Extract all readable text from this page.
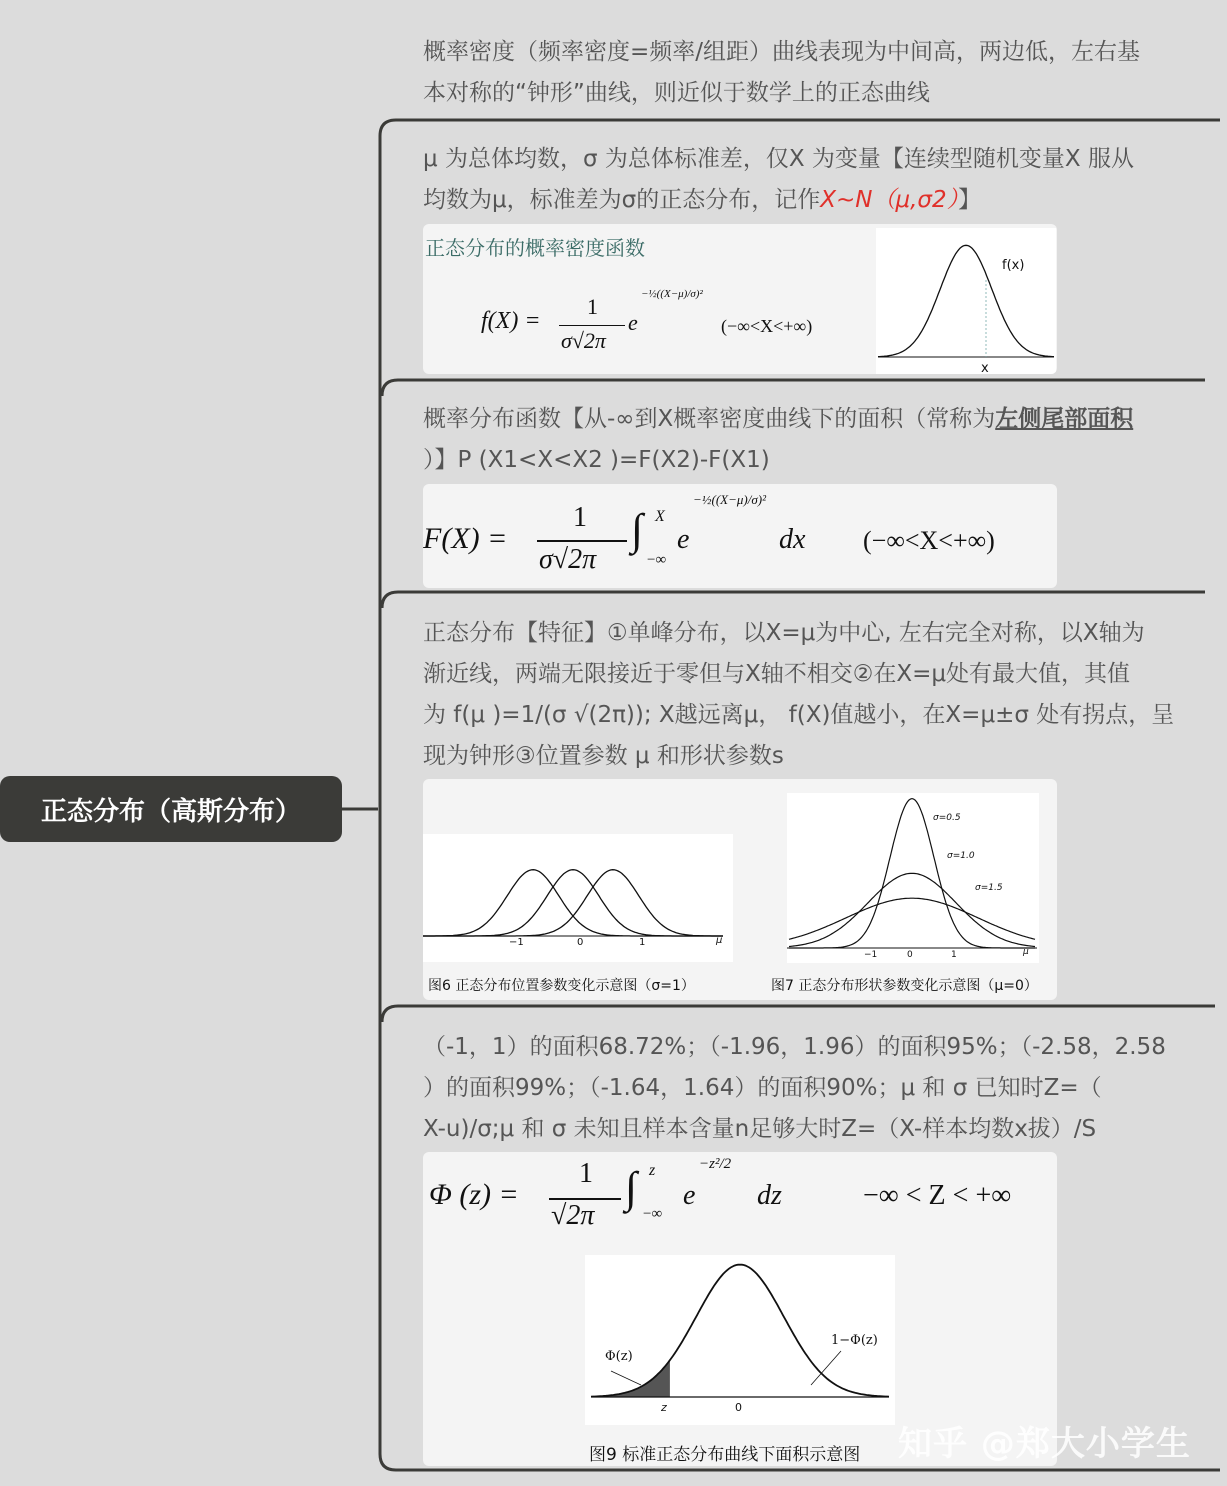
正态分布（高斯分布）
概率密度（频率密度=频率/组距）曲线表现为中间高，两边低，左右基
本对称的“钟形”曲线，则近似于数学上的正态曲线
μ 为总体均数，σ 为总体标准差，仅X 为变量【连续型随机变量X 服从
均数为μ，标准差为σ的正态分布，记作X~N（μ,σ2）】
正态分布的概率密度函数
f(X) =
1
σ√2π
e
−½((X−μ)/σ)²
(−∞<X<+∞)
f(x)
x
概率分布函数【从-∞到X概率密度曲线下的面积（常称为左侧尾部面积
）】P (X1<X<X2 )=F(X2)-F(X1)
F(X) =
1
σ√2π
∫ X
−∞
e
−½((X−μ)/σ)²
dx (−∞<X<+∞)
正态分布【特征】①单峰分布，以X=μ为中心, 左右完全对称，以X轴为
渐近线，两端无限接近于零但与X轴不相交②在X=μ处有最大值，其值
为 f(μ )=1/(σ √(2π)); X越远离μ， f(X)值越小，在X=μ±σ 处有拐点，呈
现为钟形③位置参数 μ 和形状参数s
−1	0	1	μ
σ=0.5
σ=1.0
σ=1.5
−1	0	1	μ
图6 正态分布位置参数变化示意图（σ=1）	图7 正态分布形状参数变化示意图（μ=0）
（-1，1）的面积68.72%；（-1.96，1.96）的面积95%；（-2.58，2.58
）的面积99%；（-1.64，1.64）的面积90%；μ 和 σ 已知时Z=（
X-u)/σ;μ 和 σ 未知且样本含量n足够大时Z=（X-样本均数x拔）/S
Φ (z) =
1
√2π
∫ z
−∞
e
−z²/2
dz	−∞ < Z < +∞
Φ(z)
1−Φ(z)
z	0
图9 标准正态分布曲线下面积示意图 知乎 @郑大小学生
